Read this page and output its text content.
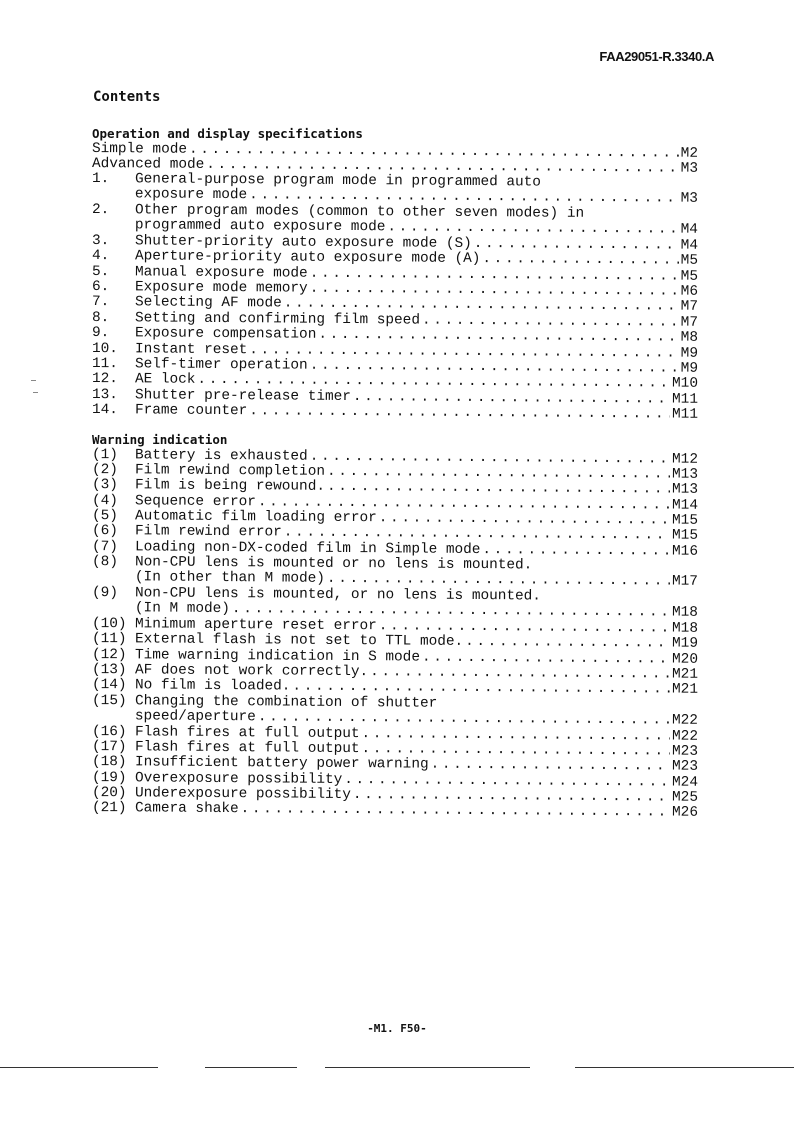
FAA29051-R.3340.A
Contents
Operation and display specifications
Simple mode . . .	M2
Advanced mode . . .	M3
1. General-purpose program mode in programmed auto
exposure mode . . .	M3
2. Other program modes (common to other seven modes) in
programmed auto exposure mode . . .	M4
3. Shutter-priority auto exposure mode (S) . . .	M4
4. Aperture-priority auto exposure mode (A) . . .	M5
5. Manual exposure mode . . .	M5
6. Exposure mode memory . . .	M6
7. Selecting AF mode . . .	M7
8. Setting and confirming film speed . . .	M7
9. Exposure compensation . . .	M8
10. Instant reset . . .	M9
11. Self-timer operation . . .	M9
12. AE lock . . .	M10
13. Shutter pre-release timer . . .	M11
14. Frame counter . . .	M11
Warning indication
(1) Battery is exhausted . . .	M12
(2) Film rewind completion . . .	M13
(3) Film is being rewound. . . .	M13
(4) Sequence error . . .	M14
(5) Automatic film loading error . . .	M15
(6) Film rewind error . . .	M15
(7) Loading non-DX-coded film in Simple mode . . .	M16
(8) Non-CPU lens is mounted or no lens is mounted.
(In other than M mode) . . .	M17
(9) Non-CPU lens is mounted, or no lens is mounted.
(In M mode) . . .	M18
(10) Minimum aperture reset error . . .	M18
(11) External flash is not set to TTL mode. . . .	M19
(12) Time warning indication in S mode . . .	M20
(13) AF does not work correctly. . . .	M21
(14) No film is loaded. . . .	M21
(15) Changing the combination of shutter
speed/aperture . . .	M22
(16) Flash fires at full output . . .	M22
(17) Flash fires at full output . . .	M23
(18) Insufficient battery power warning . . .	M23
(19) Overexposure possibility . . .	M24
(20) Underexposure possibility . . .	M25
(21) Camera shake . . .	M26
-M1. F50-
